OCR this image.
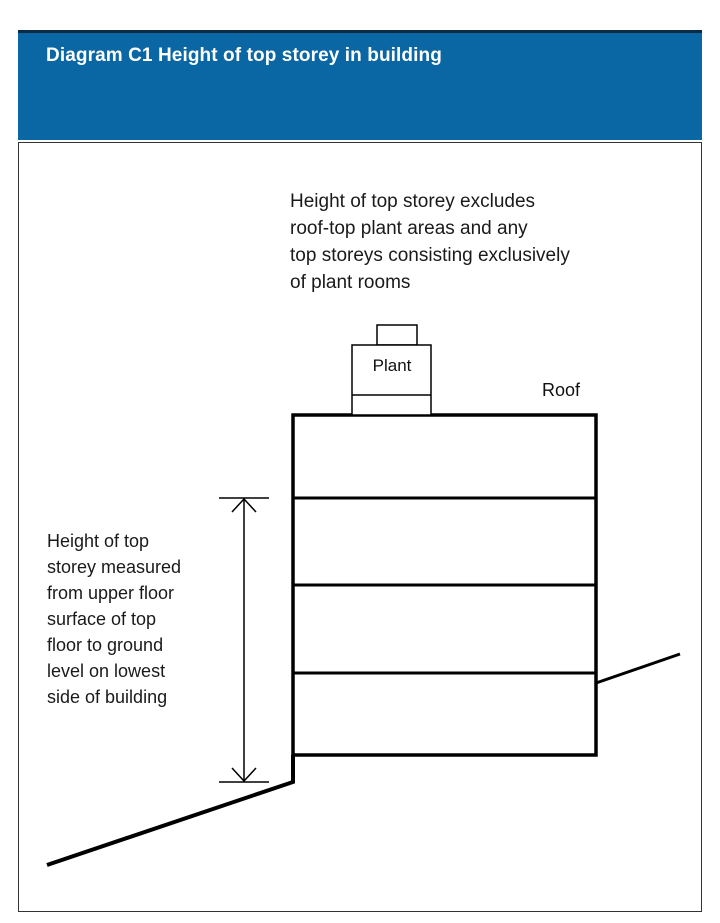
Diagram C1 Height of top storey in building
Height of top storey excludes
roof-top plant areas and any
top storeys consisting exclusively
of plant rooms
Height of top
storey measured
from upper floor
surface of top
floor to ground
level on lowest
side of building
Plant
Roof
